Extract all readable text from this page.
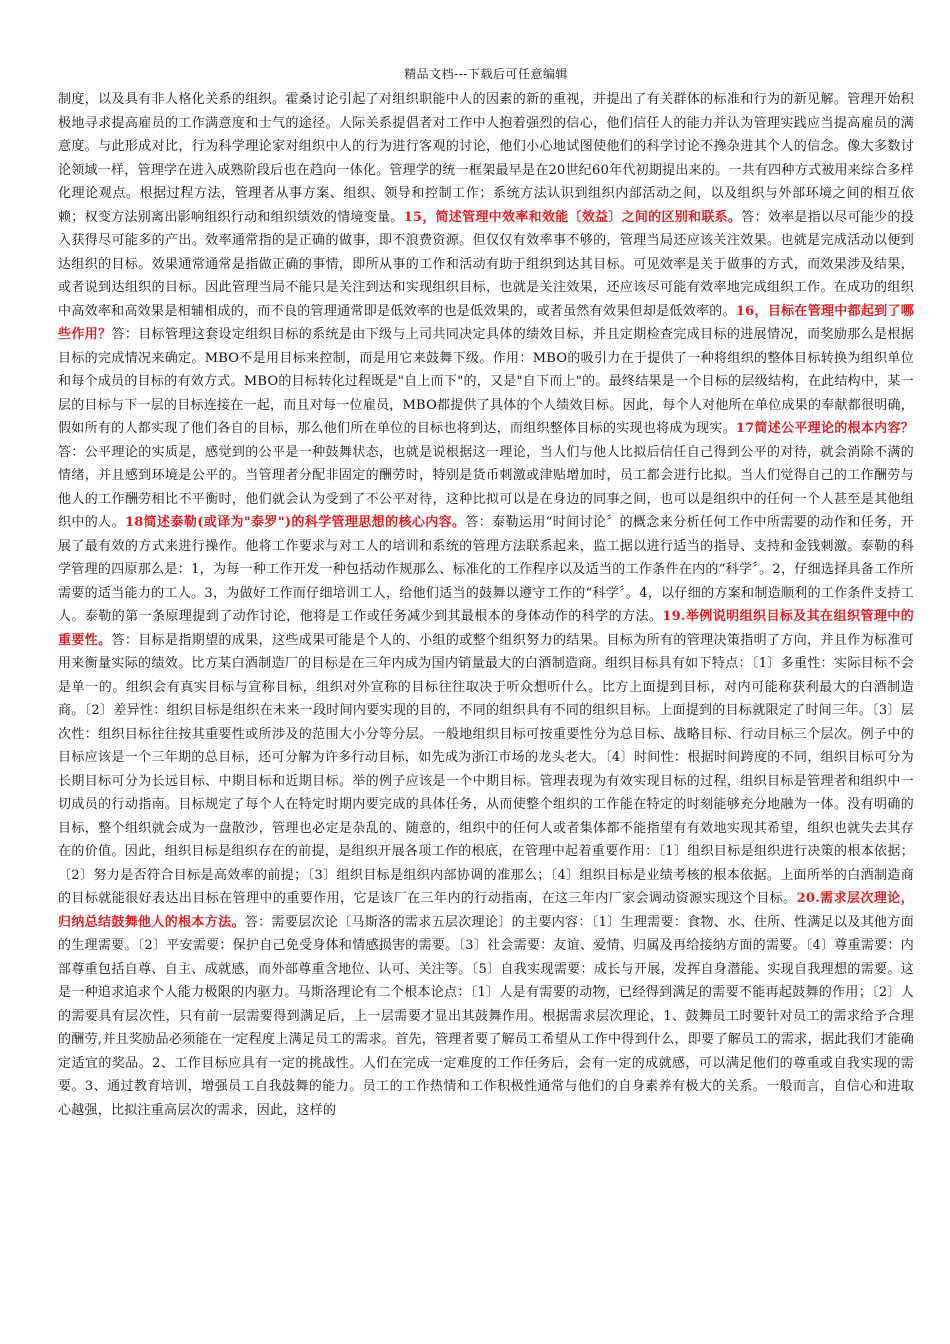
精品文档---下载后可任意编辑
制度，以及具有非人格化关系的组织。霍桑讨论引起了对组织职能中人的因素的新的重视，并提出了有关群体的标准和行为的新见解。管理开始积极地寻求提高雇员的工作满意度和士气的途径。人际关系提倡者对工作中人抱着强烈的信心，他们信任人的能力并认为管理实践应当提高雇员的满意度。与此形成对比，行为科学理论家对组织中人的行为进行客观的讨论，他们小心地试图使他们的科学讨论不搀杂进其个人的信念。像大多数讨论领域一样，管理学在进入成熟阶段后也在趋向一体化。管理学的统一框架最早是在20世纪60年代初期提出来的。一共有四种方式被用来综合多样化理论观点。根据过程方法，管理者从事方案、组织、领导和控制工作；系统方法认识到组织内部活动之间，以及组织与外部环境之间的相互依赖；权变方法别离出影响组织行动和组织绩效的情境变量。15，简述管理中效率和效能〔效益〕之间的区别和联系。答：效率是指以尽可能少的投入获得尽可能多的产出。效率通常指的是正确的做事，即不浪费资源。但仅仅有效率事不够的，管理当局还应该关注效果。也就是完成活动以便到达组织的目标。效果通常通常是指做正确的事情，即所从事的工作和活动有助于组织到达其目标。可见效率是关于做事的方式，而效果涉及结果，或者说到达组织的目标。因此管理当局不能只是关注到达和实现组织目标，也就是关注效果，还应该尽可能有效率地完成组织工作。在成功的组织中高效率和高效果是相辅相成的，而不良的管理通常即是低效率的也是低效果的，或者虽然有效果但却是低效率的。16，目标在管理中都起到了哪些作用？答：目标管理这套设定组织目标的系统是由下级与上司共同决定具体的绩效目标，并且定期检查完成目标的进展情况，而奖励那么是根据目标的完成情况来确定。MBO不是用目标来控制，而是用它来鼓舞下级。作用：MBO的吸引力在于提供了一种将组织的整体目标转换为组织单位和每个成员的目标的有效方式。MBO的目标转化过程既是"自上而下"的，又是"自下而上"的。最终结果是一个目标的层级结构，在此结构中，某一层的目标与下一层的目标连接在一起，而且对每一位雇员，MBO都提供了具体的个人绩效目标。因此，每个人对他所在单位成果的奉献都很明确，假如所有的人都实现了他们各自的目标，那么他们所在单位的目标也将到达，而组织整体目标的实现也将成为现实。17简述公平理论的根本内容？答：公平理论的实质是，感觉到的公平是一种鼓舞状态，也就是说根据这一理论，当人们与他人比拟后信任自己得到公平的对待，就会消除不满的情绪，并且感到环境是公平的。当管理者分配非固定的酬劳时，特别是货币刺激或津贴增加时，员工都会进行比拟。当人们觉得自己的工作酬劳与他人的工作酬劳相比不平衡时，他们就会认为受到了不公平对待，这种比拟可以是在身边的同事之间，也可以是组织中的任何一个人甚至是其他组织中的人。18简述泰勒(或译为"泰罗")的科学管理思想的核心内容。答：泰勒运用“时间讨论〞的概念来分析任何工作中所需要的动作和任务，开展了最有效的方式来进行操作。他将工作要求与对工人的培训和系统的管理方法联系起来，监工据以进行适当的指导、支持和金钱刺激。泰勒的科学管理的四原那么是：1，为每一种工作开发一种包括动作规那么、标准化的工作程序以及适当的工作条件在内的“科学〞。2，仔细选择具备工作所需要的适当能力的工人。3，为做好工作而仔细培训工人，给他们适当的鼓舞以遵守工作的“科学〞。4，以仔细的方案和制造顺利的工作条件支持工人。泰勒的第一条原理提到了动作讨论，他将是工作或任务减少到其最根本的身体动作的科学的方法。19.举例说明组织目标及其在组织管理中的重要性。答：目标是指期望的成果，这些成果可能是个人的、小组的或整个组织努力的结果。目标为所有的管理决策指明了方向，并且作为标准可用来衡量实际的绩效。比方某白酒制造厂的目标是在三年内成为国内销量最大的白酒制造商。组织目标具有如下特点：〔1〕多重性：实际目标不会是单一的。组织会有真实目标与宣称目标，组织对外宣称的目标往往取决于听众想听什么。比方上面提到目标，对内可能称获利最大的白酒制造商。〔2〕差异性：组织目标是组织在未来一段时间内要实现的目的，不同的组织具有不同的组织目标。上面提到的目标就限定了时间三年。〔3〕层次性：组织目标往往按其重要性或所涉及的范围大小分等分层。一般地组织目标可按重要性分为总目标、战略目标、行动目标三个层次。例子中的目标应该是一个三年期的总目标，还可分解为许多行动目标，如先成为浙江市场的龙头老大。〔4〕时间性：根据时间跨度的不同，组织目标可分为长期目标可分为长远目标、中期目标和近期目标。举的例子应该是一个中期目标。管理表现为有效实现目标的过程，组织目标是管理者和组织中一切成员的行动指南。目标规定了每个人在特定时期内要完成的具体任务，从而使整个组织的工作能在特定的时刻能够充分地融为一体。没有明确的目标，整个组织就会成为一盘散沙，管理也必定是杂乱的、随意的，组织中的任何人或者集体都不能指望有有效地实现其希望，组织也就失去其存在的价值。因此，组织目标是组织存在的前提，是组织开展各项工作的根底，在管理中起着重要作用：〔1〕组织目标是组织进行决策的根本依据；〔2〕努力是否符合目标是高效率的前提；〔3〕组织目标是组织内部协调的准那么；〔4〕组织目标是业绩考核的根本依据。上面所举的白酒制造商的目标就能很好表达出目标在管理中的重要作用，它是该厂在三年内的行动指南，在这三年内厂家会调动资源实现这个目标。20.需求层次理论，归纳总结鼓舞他人的根本方法。答：需要层次论〔马斯洛的需求五层次理论〕的主要内容：〔1〕生理需要：食物、水、住所、性满足以及其他方面的生理需要。〔2〕平安需要：保护自己免受身体和情感损害的需要。〔3〕社会需要：友谊、爱情、归属及再给接纳方面的需要。〔4〕尊重需要：内部尊重包括自尊、自主、成就感，而外部尊重含地位、认可、关注等。〔5〕自我实现需要：成长与开展，发挥自身潜能、实现自我理想的需要。这是一种追求追求个人能力极限的内驱力。马斯洛理论有二个根本论点：〔1〕人是有需要的动物，已经得到满足的需要不能再起鼓舞的作用；〔2〕人的需要具有层次性，只有前一层需要得到满足后，上一层需要才显出其鼓舞作用。根据需求层次理论，1、鼓舞员工时要针对员工的需求给予合理的酬劳,并且奖励品必须能在一定程度上满足员工的需求。首先，管理者要了解员工希望从工作中得到什么，即要了解员工的需求，据此我们才能确定适宜的奖品。2、工作目标应具有一定的挑战性。人们在完成一定难度的工作任务后，会有一定的成就感，可以满足他们的尊重或自我实现的需要。3、通过教育培训，增强员工自我鼓舞的能力。员工的工作热情和工作积极性通常与他们的自身素养有极大的关系。一般而言，自信心和进取心越强，比拟注重高层次的需求，因此，这样的
